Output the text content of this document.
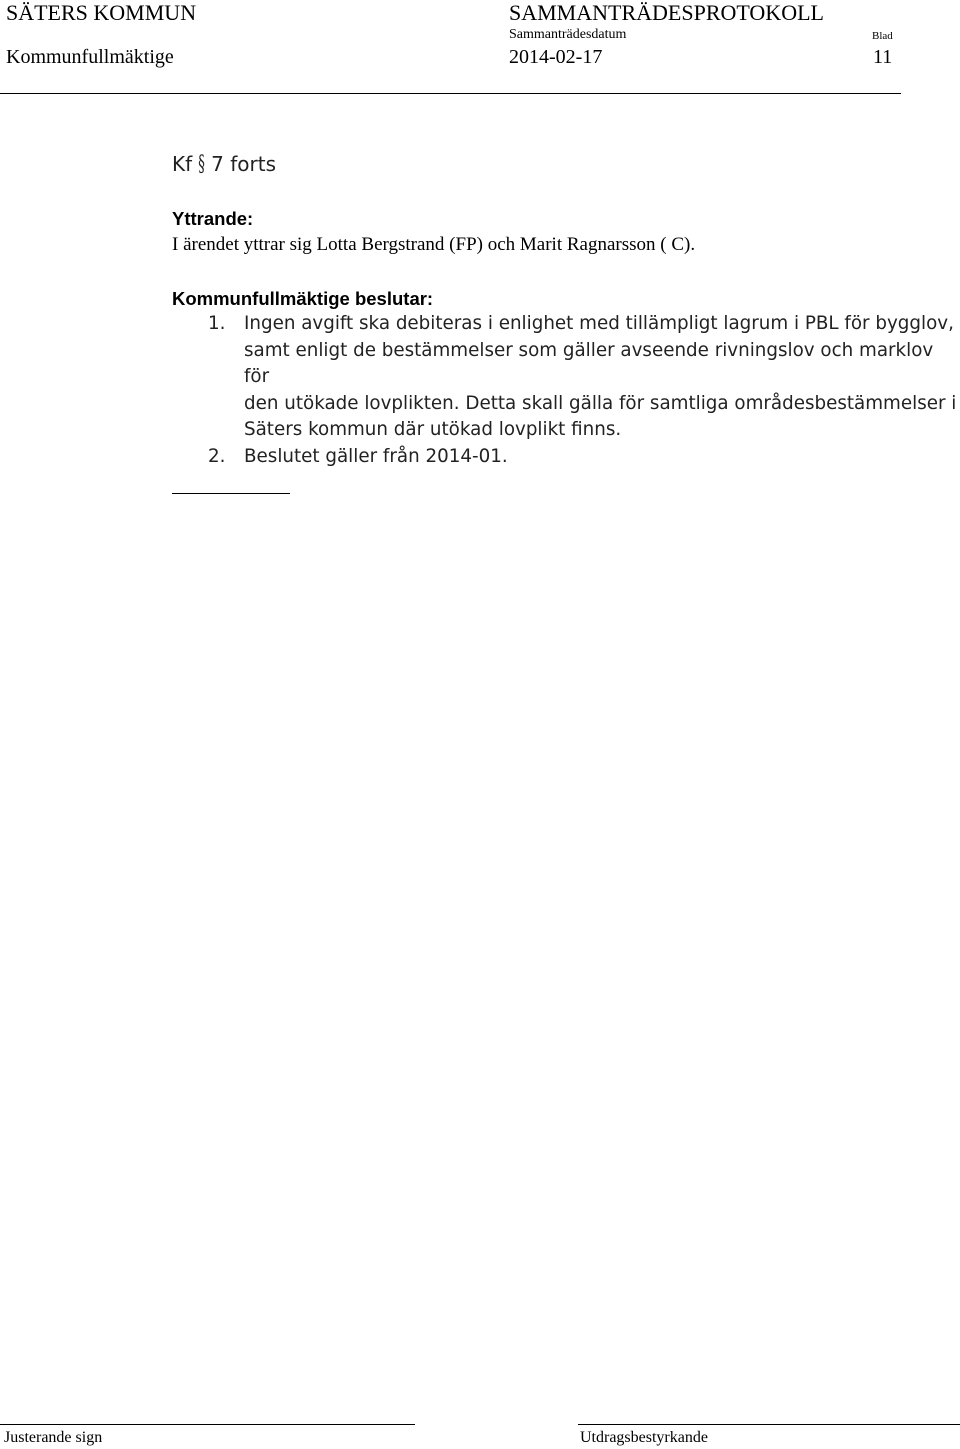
SÄTERS KOMMUN	SAMMANTRÄDESPROTOKOLL
Sammanträdesdatum	Blad
Kommunfullmäktige	2014-02-17	11
Kf § 7 forts
Yttrande:
I ärendet yttrar sig Lotta Bergstrand (FP) och Marit Ragnarsson ( C).
Kommunfullmäktige beslutar:
1. Ingen avgift ska debiteras i enlighet med tillämpligt lagrum i PBL för bygglov,
samt enligt de bestämmelser som gäller avseende rivningslov och marklov för
den utökade lovplikten. Detta skall gälla för samtliga områdesbestämmelser i
Säters kommun där utökad lovplikt finns.
2. Beslutet gäller från 2014-01.
Justerande sign	Utdragsbestyrkande
